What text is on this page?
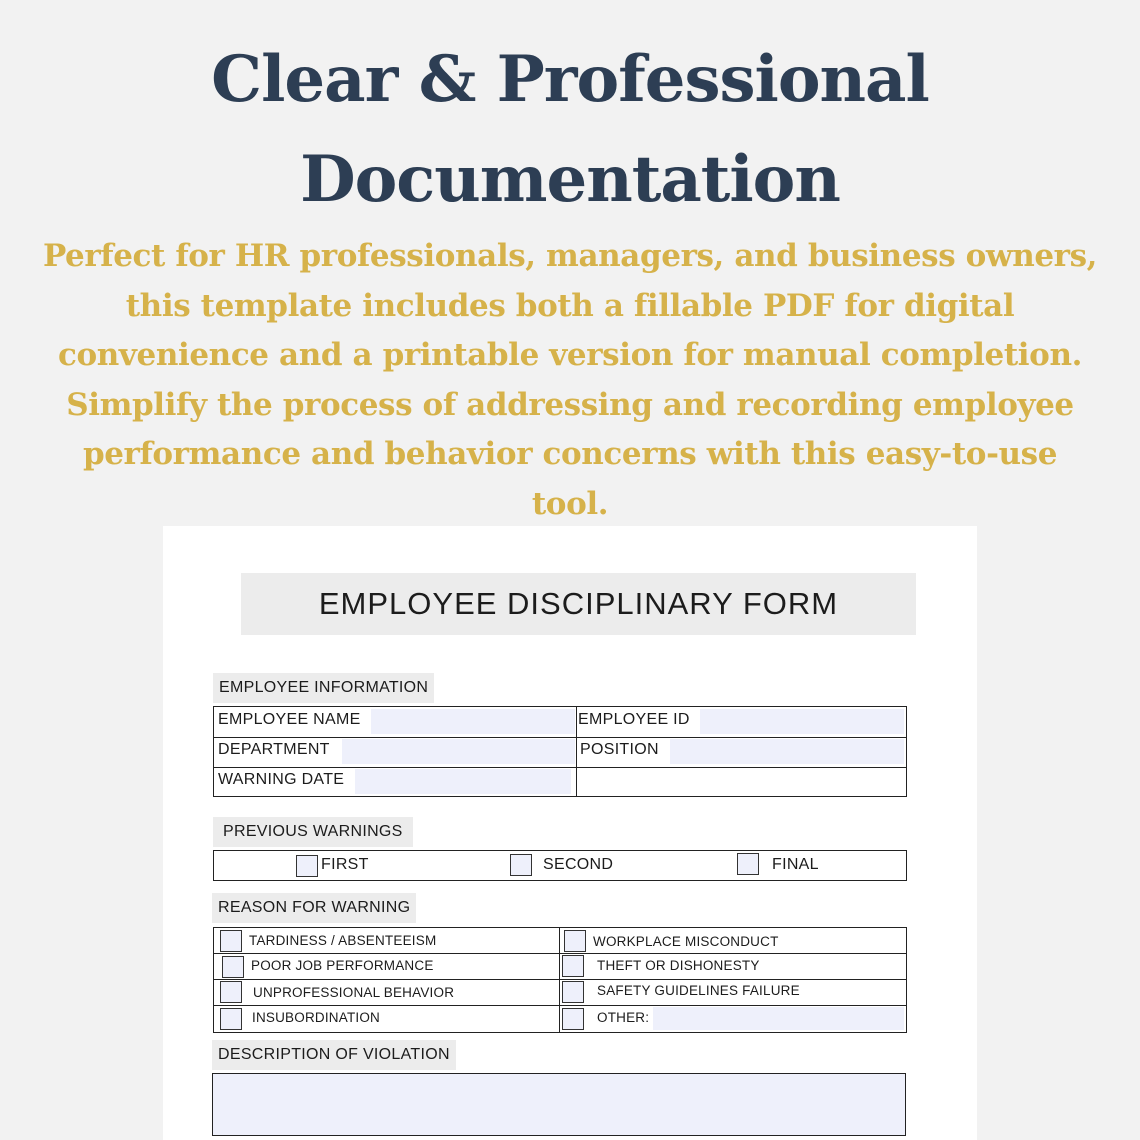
Clear & Professional
Documentation

Perfect for HR professionals, managers, and business owners, this template includes both a fillable PDF for digital convenience and a printable version for manual completion. Simplify the process of addressing and recording employee performance and behavior concerns with this easy-to-use tool.

EMPLOYEE DISCIPLINARY FORM
EMPLOYEE INFORMATION
EMPLOYEE NAME	EMPLOYEE ID
DEPARTMENT	POSITION
WARNING DATE
PREVIOUS WARNINGS
FIRST	SECOND	FINAL
REASON FOR WARNING
TARDINESS / ABSENTEEISM	WORKPLACE MISCONDUCT
POOR JOB PERFORMANCE	THEFT OR DISHONESTY
UNPROFESSIONAL BEHAVIOR	SAFETY GUIDELINES FAILURE
INSUBORDINATION	OTHER:
DESCRIPTION OF VIOLATION
